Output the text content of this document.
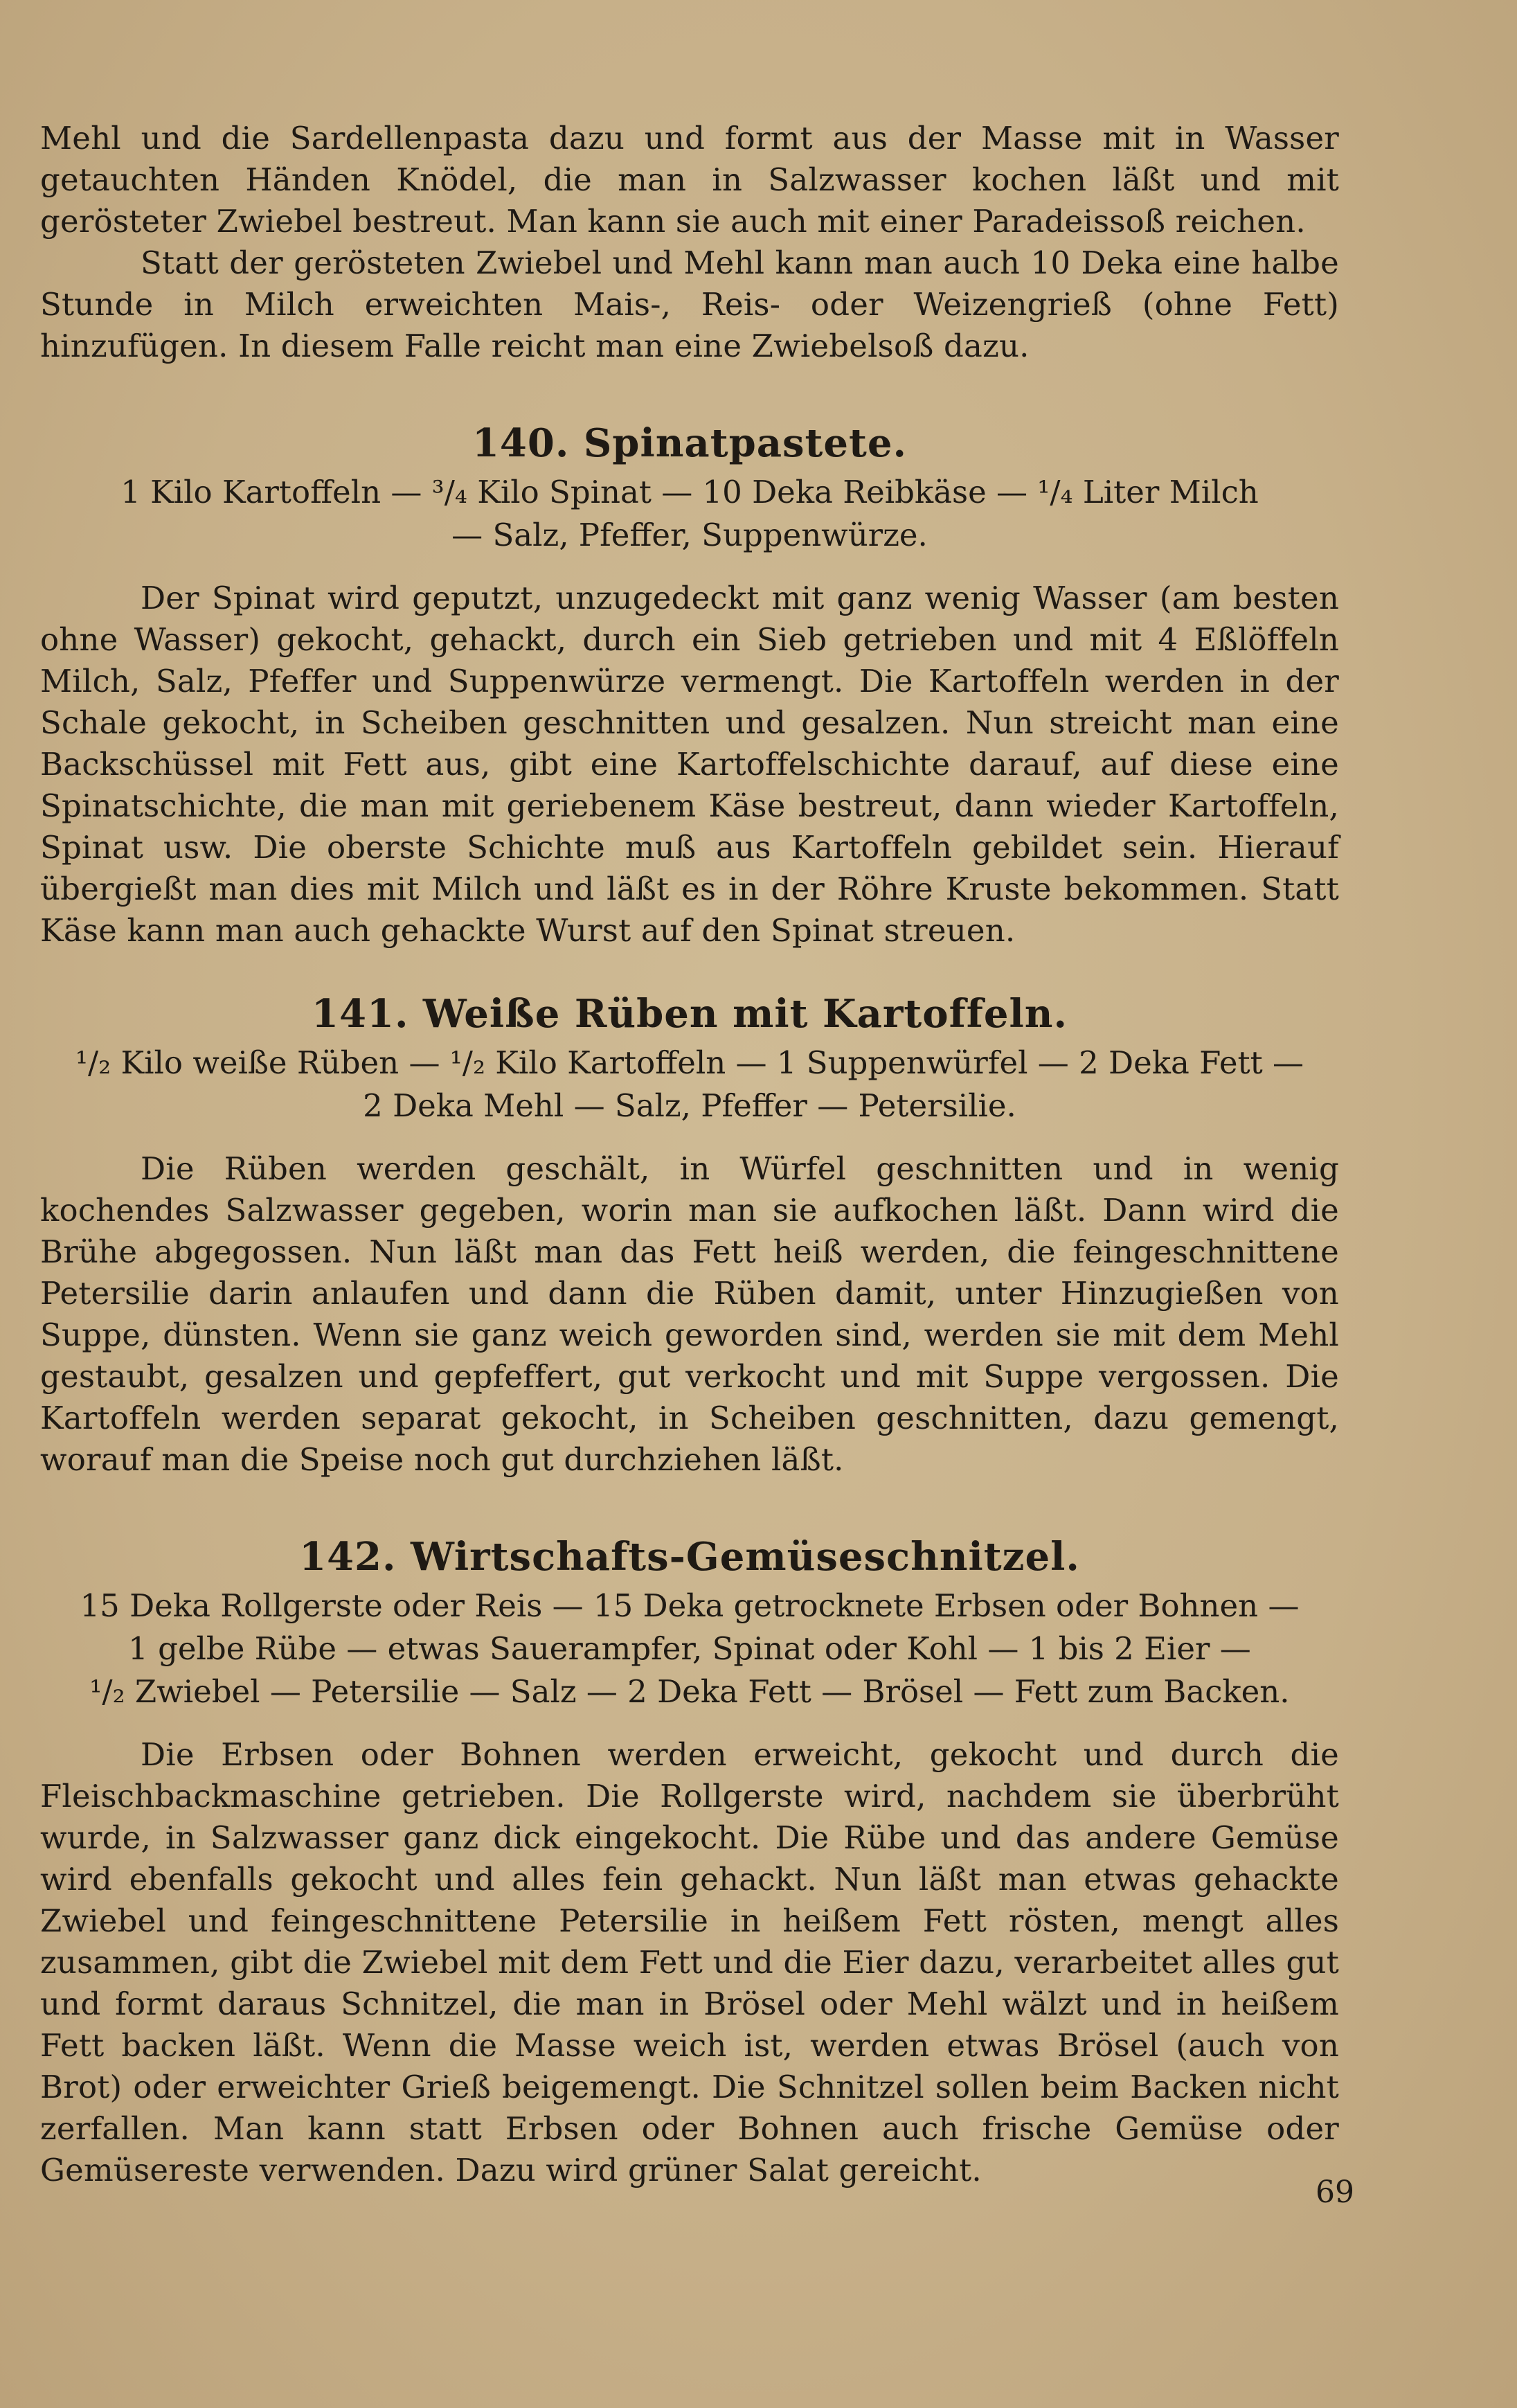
Mehl und die Sardellenpasta dazu und formt aus der Masse mit in Wasser getauchten Händen Knödel, die man in Salzwasser kochen läßt und mit gerösteter Zwiebel bestreut. Man kann sie auch mit einer Paradeissoß reichen.

Statt der gerösteten Zwiebel und Mehl kann man auch 10 Deka eine halbe Stunde in Milch erweichten Mais-, Reis- oder Weizengrieß (ohne Fett) hinzufügen. In diesem Falle reicht man eine Zwiebelsoß dazu.

140. Spinatpastete.
1 Kilo Kartoffeln — ³/₄ Kilo Spinat — 10 Deka Reibkäse — ¹/₄ Liter Milch
— Salz, Pfeffer, Suppenwürze.

Der Spinat wird geputzt, unzugedeckt mit ganz wenig Wasser (am besten ohne Wasser) gekocht, gehackt, durch ein Sieb getrieben und mit 4 Eßlöffeln Milch, Salz, Pfeffer und Suppenwürze vermengt. Die Kartoffeln werden in der Schale gekocht, in Scheiben geschnitten und gesalzen. Nun streicht man eine Backschüssel mit Fett aus, gibt eine Kartoffelschichte darauf, auf diese eine Spinatschichte, die man mit geriebenem Käse bestreut, dann wieder Kartoffeln, Spinat usw. Die oberste Schichte muß aus Kartoffeln gebildet sein. Hierauf übergießt man dies mit Milch und läßt es in der Röhre Kruste bekommen. Statt Käse kann man auch gehackte Wurst auf den Spinat streuen.

141. Weiße Rüben mit Kartoffeln.
¹/₂ Kilo weiße Rüben — ¹/₂ Kilo Kartoffeln — 1 Suppenwürfel — 2 Deka Fett —
2 Deka Mehl — Salz, Pfeffer — Petersilie.

Die Rüben werden geschält, in Würfel geschnitten und in wenig kochendes Salzwasser gegeben, worin man sie aufkochen läßt. Dann wird die Brühe abgegossen. Nun läßt man das Fett heiß werden, die feingeschnittene Petersilie darin anlaufen und dann die Rüben damit, unter Hinzugießen von Suppe, dünsten. Wenn sie ganz weich geworden sind, werden sie mit dem Mehl gestaubt, gesalzen und gepfeffert, gut verkocht und mit Suppe vergossen. Die Kartoffeln werden separat gekocht, in Scheiben geschnitten, dazu gemengt, worauf man die Speise noch gut durchziehen läßt.

142. Wirtschafts-Gemüseschnitzel.
15 Deka Rollgerste oder Reis — 15 Deka getrocknete Erbsen oder Bohnen —
1 gelbe Rübe — etwas Sauerampfer, Spinat oder Kohl — 1 bis 2 Eier —
¹/₂ Zwiebel — Petersilie — Salz — 2 Deka Fett — Brösel — Fett zum Backen.

Die Erbsen oder Bohnen werden erweicht, gekocht und durch die Fleischbackmaschine getrieben. Die Rollgerste wird, nachdem sie überbrüht wurde, in Salzwasser ganz dick eingekocht. Die Rübe und das andere Gemüse wird ebenfalls gekocht und alles fein gehackt. Nun läßt man etwas gehackte Zwiebel und feingeschnittene Petersilie in heißem Fett rösten, mengt alles zusammen, gibt die Zwiebel mit dem Fett und die Eier dazu, verarbeitet alles gut und formt daraus Schnitzel, die man in Brösel oder Mehl wälzt und in heißem Fett backen läßt. Wenn die Masse weich ist, werden etwas Brösel (auch von Brot) oder erweichter Grieß beigemengt. Die Schnitzel sollen beim Backen nicht zerfallen. Man kann statt Erbsen oder Bohnen auch frische Gemüse oder Gemüsereste verwenden. Dazu wird grüner Salat gereicht.

69
